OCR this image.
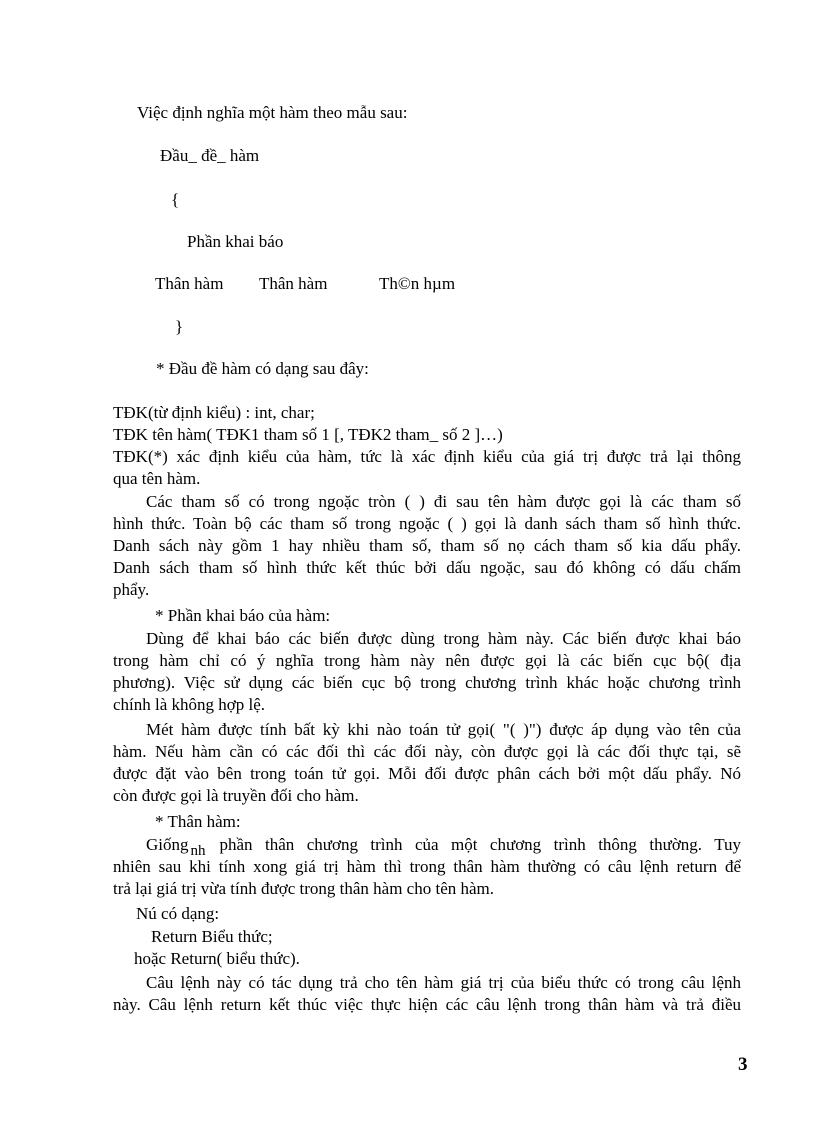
Việc định nghĩa một hàm theo mẫu sau:
Đầu_ đề_ hàm
{
Phần khai báo
Thân hàm Thân hàm	Th©n hµm
}
* Đầu đề hàm có dạng sau đây:
TĐK(từ định kiểu) : int, char;
TĐK tên hàm( TĐK1 tham số 1 [, TĐK2 tham_ số 2 ]…)
TĐK(*) xác định kiểu của hàm, tức là xác định kiểu của giá trị được trả lại thông
qua tên hàm.
Các tham số có trong ngoặc tròn ( ) đi sau tên hàm được gọi là các tham số
hình thức. Toàn bộ các tham số trong ngoặc ( ) gọi là danh sách tham số hình thức.
Danh sách này gồm 1 hay nhiều tham số, tham số nọ cách tham số kia dấu phẩy.
Danh sách tham số hình thức kết thúc bởi dấu ngoặc, sau đó không có dấu chấm
phẩy.
* Phần khai báo của hàm:
Dùng để khai báo các biến được dùng trong hàm này. Các biến được khai báo
trong hàm chỉ có ý nghĩa trong hàm này nên được gọi là các biến cục bộ( địa
phương). Việc sử dụng các biến cục bộ trong chương trình khác hoặc chương trình
chính là không hợp lệ.
Mét hàm được tính bất kỳ khi nào toán tử gọi( "( )") được áp dụng vào tên của
hàm. Nếu hàm cần có các đối thì các đối này, còn được gọi là các đối thực tại, sẽ
được đặt vào bên trong toán tử gọi. Mỗi đối được phân cách bởi một dấu phẩy. Nó
còn được gọi là truyền đối cho hàm.
* Thân hàm:
Giống nh phần thân chương trình của một chương trình thông thường. Tuy
nhiên sau khi tính xong giá trị hàm thì trong thân hàm thường có câu lệnh return để
trả lại giá trị vừa tính được trong thân hàm cho tên hàm.
Nú có dạng:
Return Biểu thức;
hoặc Return( biểu thức).
Câu lệnh này có tác dụng trả cho tên hàm giá trị của biểu thức có trong câu lệnh
này. Câu lệnh return kết thúc việc thực hiện các câu lệnh trong thân hàm và trả điều
3
